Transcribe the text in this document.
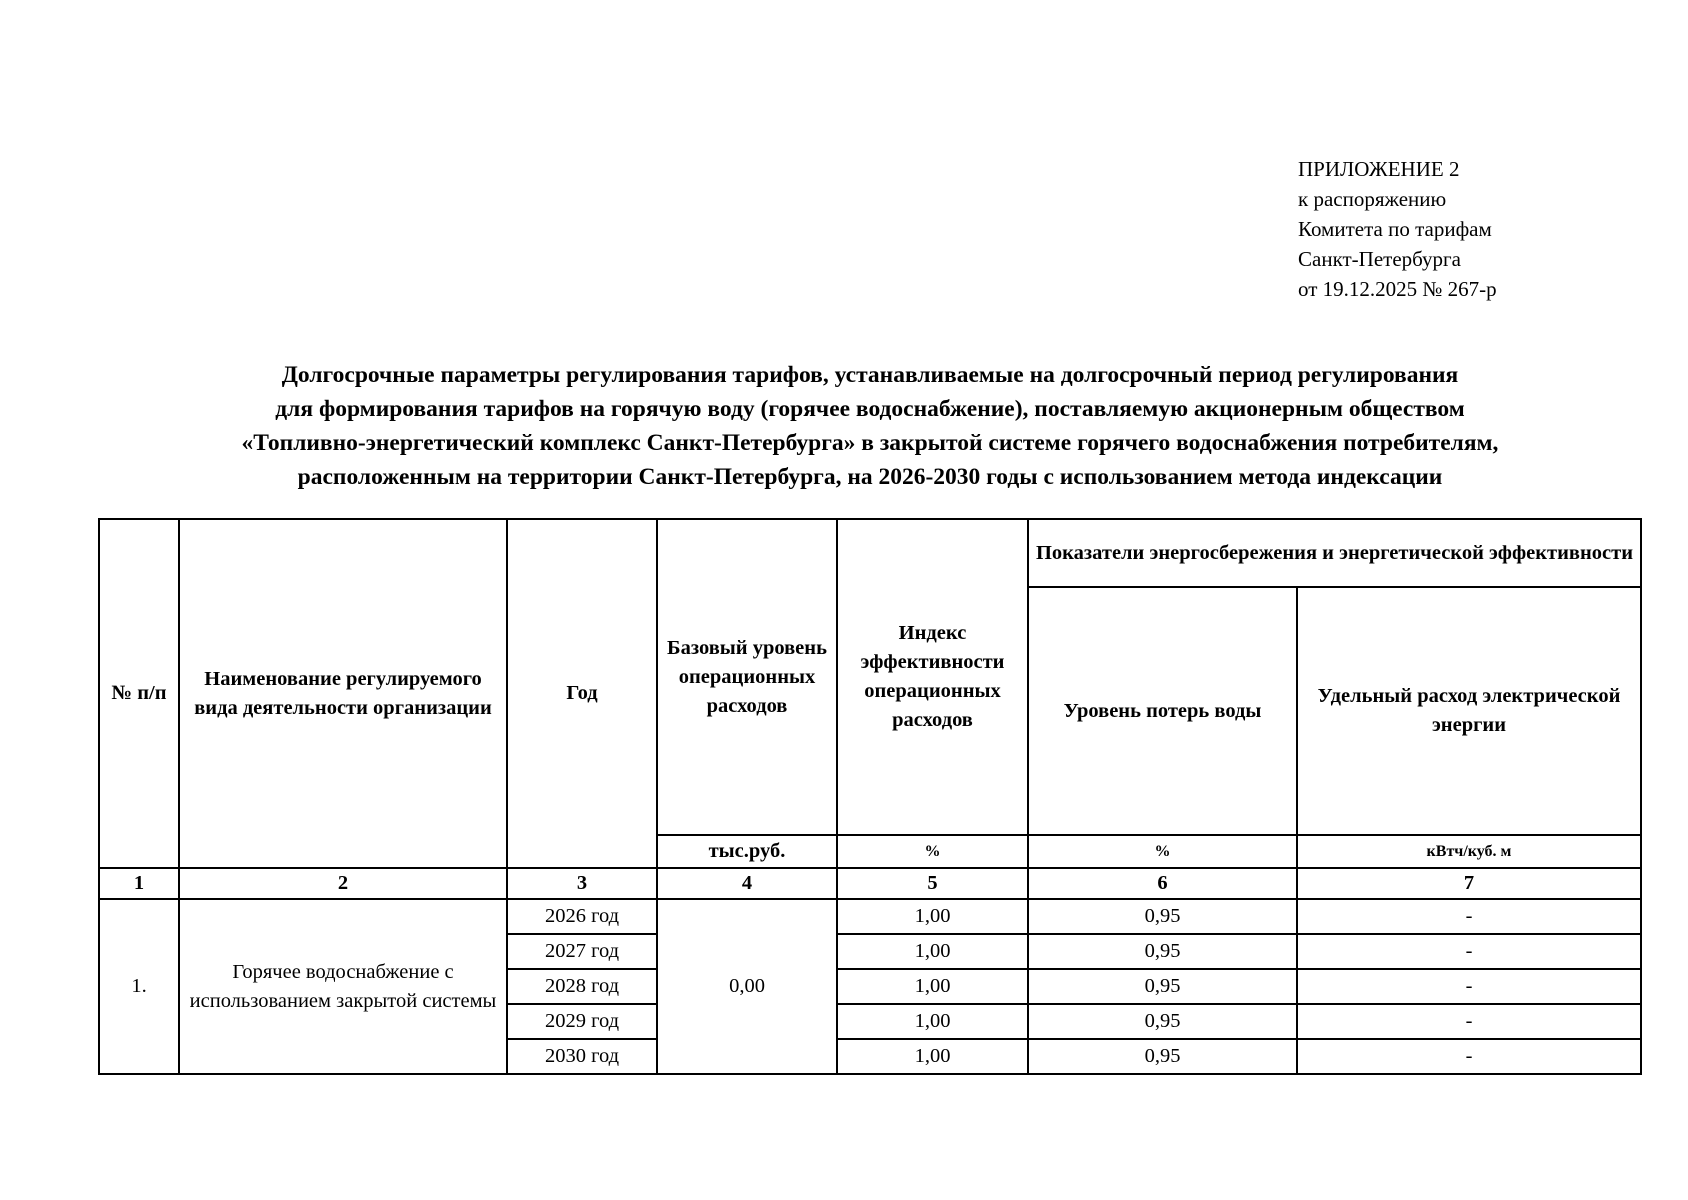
ПРИЛОЖЕНИЕ 2
к распоряжению
Комитета по тарифам
Санкт-Петербурга
от 19.12.2025 № 267-р
Долгосрочные параметры регулирования тарифов, устанавливаемые на долгосрочный период регулирования
для формирования тарифов на горячую воду (горячее водоснабжение), поставляемую акционерным обществом
«Топливно-энергетический комплекс Санкт-Петербурга» в закрытой системе горячего водоснабжения потребителям,
расположенным на территории Санкт-Петербурга, на 2026-2030 годы с использованием метода индексации
№ п/п	Наименование регулируемого вида деятельности организации	Год	Базовый уровень операционных расходов	Индекс эффективности операционных расходов	Показатели энергосбережения и энергетической эффективности	
					Уровень потерь воды	Удельный расход электрической энергии
			тыс.руб.	%	%	кВтч/куб. м
1	2	3	4	5	6	7
1.	Горячее водоснабжение с использованием закрытой системы	2026 год	0,00	1,00	0,95	-
		2027 год		1,00	0,95	-
		2028 год		1,00	0,95	-
		2029 год		1,00	0,95	-
		2030 год		1,00	0,95	-
